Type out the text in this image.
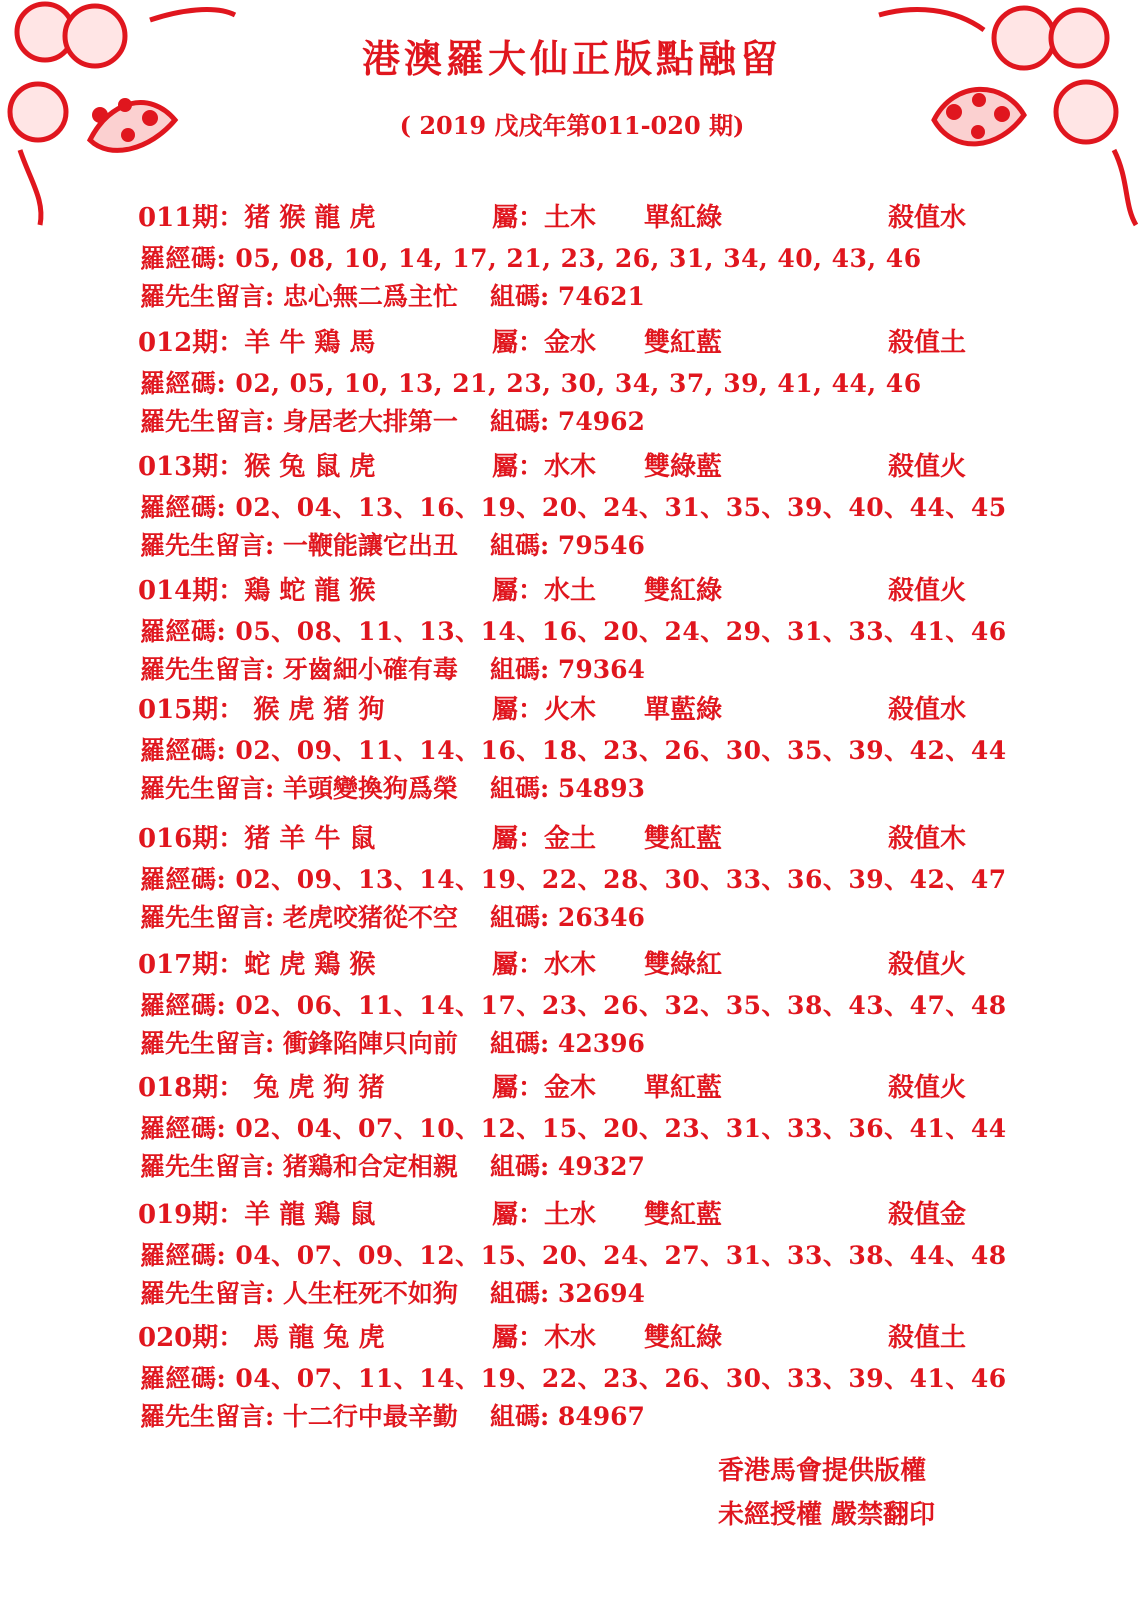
港澳羅大仙正版點融留
( 2019 戊戌年第011-020 期)
011期：猪 猴 龍 虎	屬：土木 單紅綠	殺值水
羅經碼: 05, 08, 10, 14, 17, 21, 23, 26, 31, 34, 40, 43, 46
羅先生留言: 忠心無二爲主忙 組碼: 74621
012期：羊 牛 鶏 馬	屬：金水 雙紅藍	殺值土
羅經碼: 02, 05, 10, 13, 21, 23, 30, 34, 37, 39, 41, 44, 46
羅先生留言: 身居老大排第一 組碼: 74962
013期：猴 兔 鼠 虎	屬：水木 雙綠藍	殺值火
羅經碼: 02、04、13、16、19、20、24、31、35、39、40、44、45
羅先生留言: 一鞭能讓它出丑 組碼: 79546
014期：鶏 蛇 龍 猴	屬：水土 雙紅綠	殺值火
羅經碼: 05、08、11、13、14、16、20、24、29、31、33、41、46
羅先生留言: 牙齒細小確有毒 組碼: 79364
015期： 猴 虎 猪 狗	屬：火木 單藍綠	殺值水
羅經碼: 02、09、11、14、16、18、23、26、30、35、39、42、44
羅先生留言: 羊頭變換狗爲榮 組碼: 54893
016期：猪 羊 牛 鼠	屬：金土 雙紅藍	殺值木
羅經碼: 02、09、13、14、19、22、28、30、33、36、39、42、47
羅先生留言: 老虎咬猪從不空 組碼: 26346
017期：蛇 虎 鶏 猴	屬：水木 雙綠紅	殺值火
羅經碼: 02、06、11、14、17、23、26、32、35、38、43、47、48
羅先生留言: 衝鋒陷陣只向前 組碼: 42396
018期： 兔 虎 狗 猪	屬：金木 單紅藍	殺值火
羅經碼: 02、04、07、10、12、15、20、23、31、33、36、41、44
羅先生留言: 猪鶏和合定相親 組碼: 49327
019期：羊 龍 鶏 鼠	屬：土水 雙紅藍	殺值金
羅經碼: 04、07、09、12、15、20、24、27、31、33、38、44、48
羅先生留言: 人生枉死不如狗 組碼: 32694
020期： 馬 龍 兔 虎	屬：木水 雙紅綠	殺值土
羅經碼: 04、07、11、14、19、22、23、26、30、33、39、41、46
羅先生留言: 十二行中最辛勤 組碼: 84967
香港馬會提供版權
未經授權 嚴禁翻印
